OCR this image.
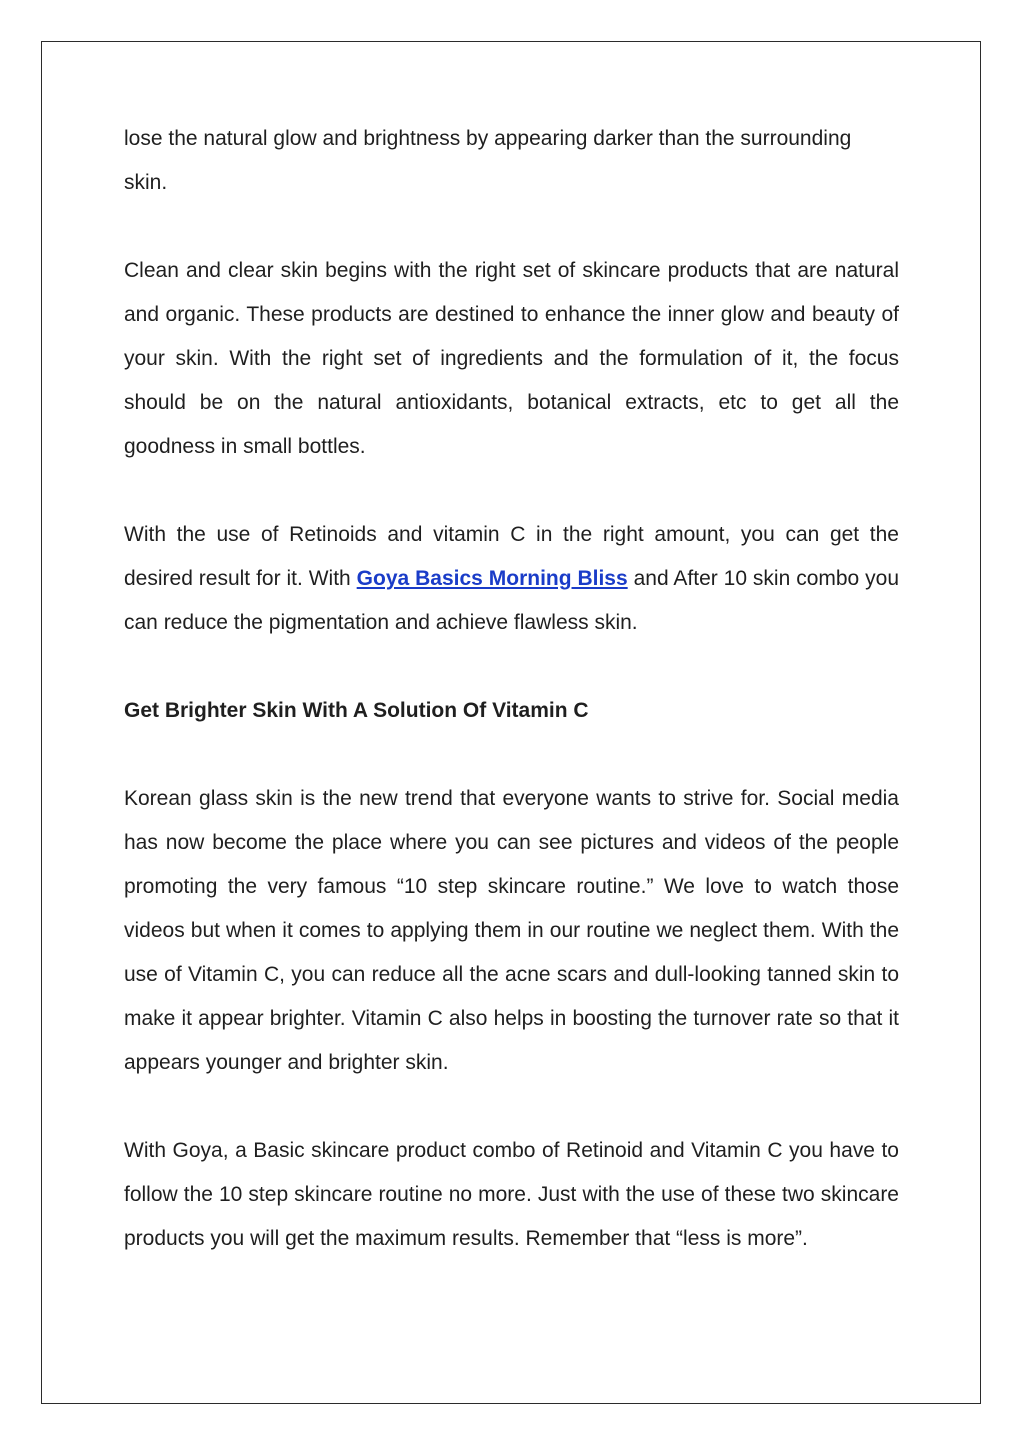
lose the natural glow and brightness by appearing darker than the surrounding skin.

Clean and clear skin begins with the right set of skincare products that are natural and organic. These products are destined to enhance the inner glow and beauty of your skin. With the right set of ingredients and the formulation of it, the focus should be on the natural antioxidants, botanical extracts, etc to get all the goodness in small bottles.

With the use of Retinoids and vitamin C in the right amount, you can get the desired result for it. With Goya Basics Morning Bliss and After 10 skin combo you can reduce the pigmentation and achieve flawless skin.

Get Brighter Skin With A Solution Of Vitamin C

Korean glass skin is the new trend that everyone wants to strive for. Social media has now become the place where you can see pictures and videos of the people promoting the very famous “10 step skincare routine.” We love to watch those videos but when it comes to applying them in our routine we neglect them. With the use of Vitamin C, you can reduce all the acne scars and dull-looking tanned skin to make it appear brighter. Vitamin C also helps in boosting the turnover rate so that it appears younger and brighter skin.

With Goya, a Basic skincare product combo of Retinoid and Vitamin C you have to follow the 10 step skincare routine no more. Just with the use of these two skincare products you will get the maximum results. Remember that “less is more”.
